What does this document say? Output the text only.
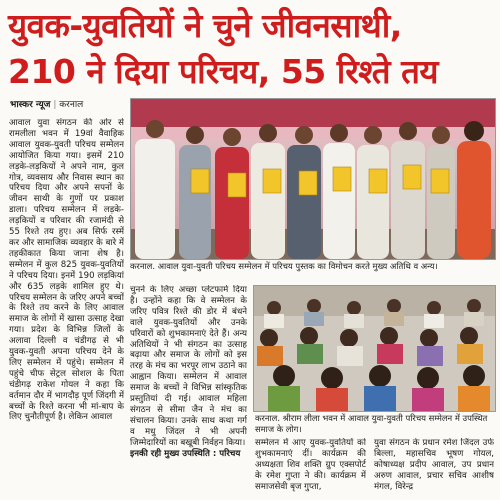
युवक-युवतियों ने चुने जीवनसाथी,
210 ने दिया परिचय, 55 रिश्ते तय
भास्कर न्यूज | करनाल

आवाल युवा संगठन की ओर से रामलीला भवन में 19वां वैवाहिक आवाल युवक-युवती परिचय सम्मेलन आयोजित किया गया। इसमें 210 लड़के-लड़कियों ने अपने नाम, कुल गोत्र, व्यवसाय और निवास स्थान का परिचय दिया और अपने सपनों के जीवन साथी के गुणों पर प्रकाश डाला। परिचय सम्मेलन में लड़के-लड़कियों व परिवार की रजामंदी से 55 रिश्ते तय हुए। अब सिर्फ रस्में कर और सामाजिक व्यवहार के बारे में तहकीकात किया जाना शेष है। सम्मेलन में कुल 825 युवक-युवतियों ने परिचय दिया। इनमें 190 लड़कियां और 635 लड़के शामिल हुए थे। परिचय सम्मेलन के जरिए अपने बच्चों के रिश्ते तय करने के लिए आवाल समाज के लोगों में खासा उत्साह देखा गया। प्रदेश के विभिन्न जिलों के अलावा दिल्ली व चंडीगढ़ से भी युवक-युवती अपना परिचय देने के लिए सम्मेलन में पहुंचे। सम्मेलन में पहुंचे चीफ सेट्रल सोशल के पिता चंडीगढ़ राकेश गोयल ने कहा कि वर्तमान दौर में भागदौड़ पूर्ण जिंदगी में बच्चों के रिश्ते करना भी मां-बाप के लिए चुनौतीपूर्ण है। लेकिन आवाल

करनाल. आवाल युवा-युवती परिचय सम्मेलन में परिचय पुस्तक का विमोचन करते मुख्य अतिथि व अन्य।

चुनने के लिए अच्छा प्लेटफार्म दिया है। उन्होंने कहा कि वे सम्मेलन के जरिए पवित्र रिश्ते की डोर में बंधने वाले युवक-युवतियों और उनके परिवारों को शुभकामनाएं देते हैं। अन्य अतिथियों ने भी संगठन का उत्साह बढ़ाया और समाज के लोगों को इस तरह के मंच का भरपूर लाभ उठाने का आह्वान किया। सम्मेलन में आवाल समाज के बच्चों ने विभिन्न सांस्कृतिक प्रस्तुतियां दी गई। आवाल महिला संगठन से सीमा जैन ने मंच का संचालन किया। उनके साथ कथा गर्ग व मधु जिंदल ने भी अपनी जिम्मेदारियों का बखूबी निर्वहन किया।

इनकी रही मुख्य उपस्थिति : परिचय

करनाल. श्रीराम लीला भवन में आवाल युवा-युवती परिचय सम्मेलन में उपस्थित समाज के लोग।

सम्मेलन में आए युवक-युवतियों को शुभकामनाएं दीं। कार्यक्रम की अध्यक्षता शिव शक्ति ग्रुप एक्सपोर्ट के रमेश गुप्ता ने की। कार्यक्रम में समाजसेवी बृज गुप्ता,

युवा संगठन के प्रधान रमेश जिंदल उर्फ बिल्ला, महासचिव भूषण गोयल, कोषाध्यक्ष प्रदीप आवाल, उप प्रधान अरुण आवाल, प्रचार सचिव आशीष मंगल, विरेन्द्र
